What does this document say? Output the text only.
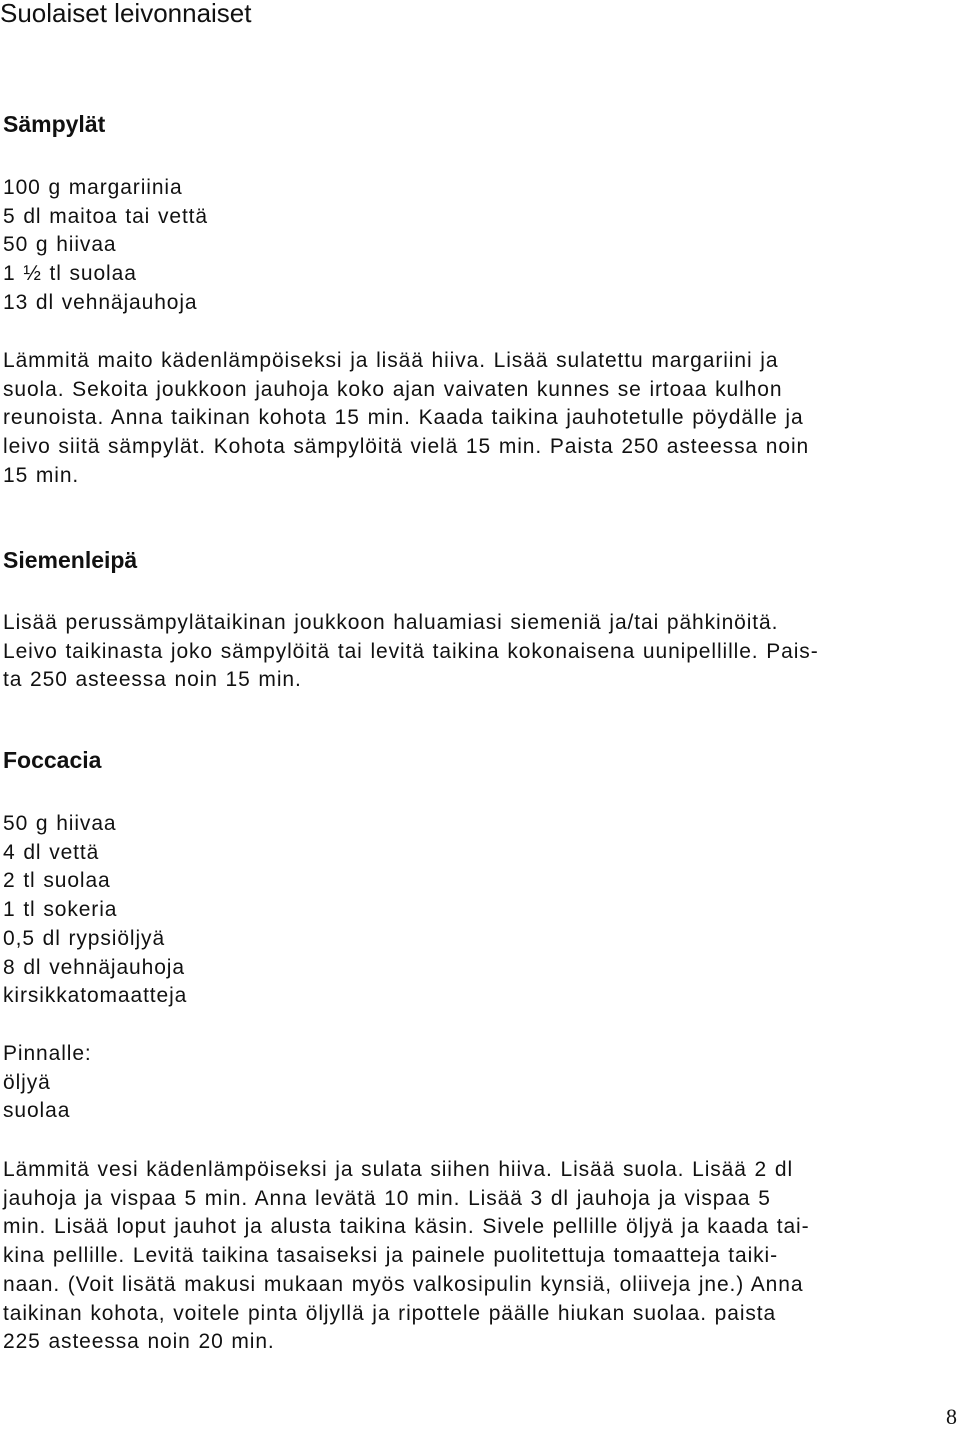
Suolaiset leivonnaiset
Sämpylät
100 g margariinia
5 dl maitoa tai vettä
50 g hiivaa
1 ½ tl suolaa
13 dl vehnäjauhoja
Lämmitä maito kädenlämpöiseksi ja lisää hiiva. Lisää sulatettu margariini ja
suola. Sekoita joukkoon jauhoja koko ajan vaivaten kunnes se irtoaa kulhon
reunoista. Anna taikinan kohota 15 min. Kaada taikina jauhotetulle pöydälle ja
leivo siitä sämpylät. Kohota sämpylöitä vielä 15 min. Paista 250 asteessa noin
15 min.
Siemenleipä
Lisää perussämpylätaikinan joukkoon haluamiasi siemeniä ja/tai pähkinöitä.
Leivo taikinasta joko sämpylöitä tai levitä taikina kokonaisena uunipellille. Pais-
ta 250 asteessa noin 15 min.
Foccacia
50 g hiivaa
4 dl vettä
2 tl suolaa
1 tl sokeria
0,5 dl rypsiöljyä
8 dl vehnäjauhoja
kirsikkatomaatteja
Pinnalle:
öljyä
suolaa
Lämmitä vesi kädenlämpöiseksi ja sulata siihen hiiva. Lisää suola. Lisää 2 dl
jauhoja ja vispaa 5 min. Anna levätä 10 min. Lisää 3 dl jauhoja ja vispaa 5
min. Lisää loput jauhot ja alusta taikina käsin. Sivele pellille öljyä ja kaada tai-
kina pellille. Levitä taikina tasaiseksi ja painele puolitettuja tomaatteja taiki-
naan. (Voit lisätä makusi mukaan myös valkosipulin kynsiä, oliiveja jne.) Anna
taikinan kohota, voitele pinta öljyllä ja ripottele päälle hiukan suolaa. paista
225 asteessa noin 20 min.
8
